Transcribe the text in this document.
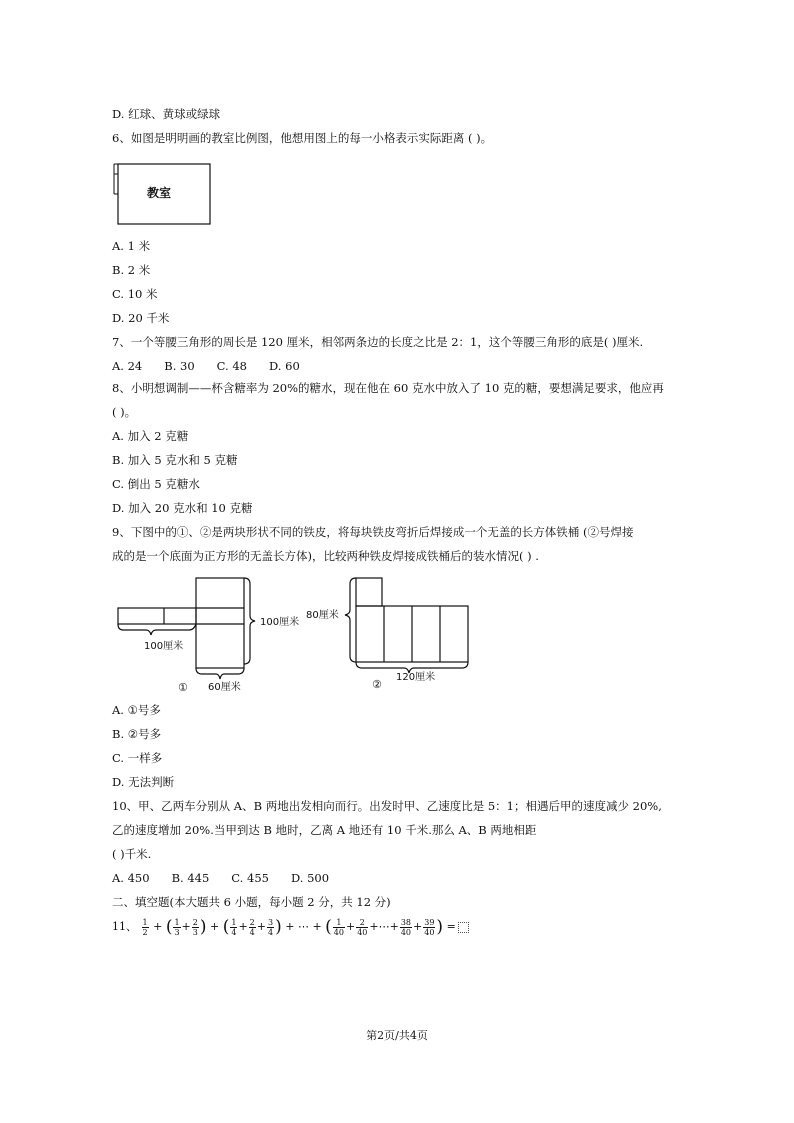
D. 红球、黄球或绿球
6、如图是明明画的教室比例图，他想用图上的每一小格表示实际距离 ( )。
教室
A. 1 米
B. 2 米
C. 10 米
D. 20 千米
7、一个等腰三角形的周长是 120 厘米，相邻两条边的长度之比是 2：1，这个等腰三角形的底是( )厘米.
A. 24 B. 30 C. 48 D. 60
8、小明想调制——杯含糖率为 20%的糖水，现在他在 60 克水中放入了 10 克的糖，要想满足要求，他应再
( )。
A. 加入 2 克糖
B. 加入 5 克水和 5 克糖
C. 倒出 5 克糖水
D. 加入 20 克水和 10 克糖
9、下图中的①、②是两块形状不同的铁皮，将每块铁皮弯折后焊接成一个无盖的长方体铁桶 (②号焊接
成的是一个底面为正方形的无盖长方体)，比较两种铁皮焊接成铁桶后的装水情况( ) .
100厘米
100厘米
60厘米
①
80厘米
120厘米
②
A. ①号多
B. ②号多
C. 一样多
D. 无法判断
10、甲、乙两车分别从 A、B 两地出发相向而行。出发时甲、乙速度比是 5：1；相遇后甲的速度减少 20%,
乙的速度增加 20%.当甲到达 B 地时，乙离 A 地还有 10 千米.那么 A、B 两地相距
( )千米.
A. 450 B. 445 C. 455 D. 500
二、填空题(本大题共 6 小题，每小题 2 分，共 12 分)
11、 $\frac{1}{2}$ + ( $\frac{1}{3} + \frac{2}{3}$ ) + ( $\frac{1}{4} + \frac{2}{4} + \frac{3}{4}$ ) + ⋯ + ( $\frac{1}{40} + \frac{2}{40}$ +⋯+ $\frac{38}{40} + \frac{39}{40}$ ) =
第2页/共4页
